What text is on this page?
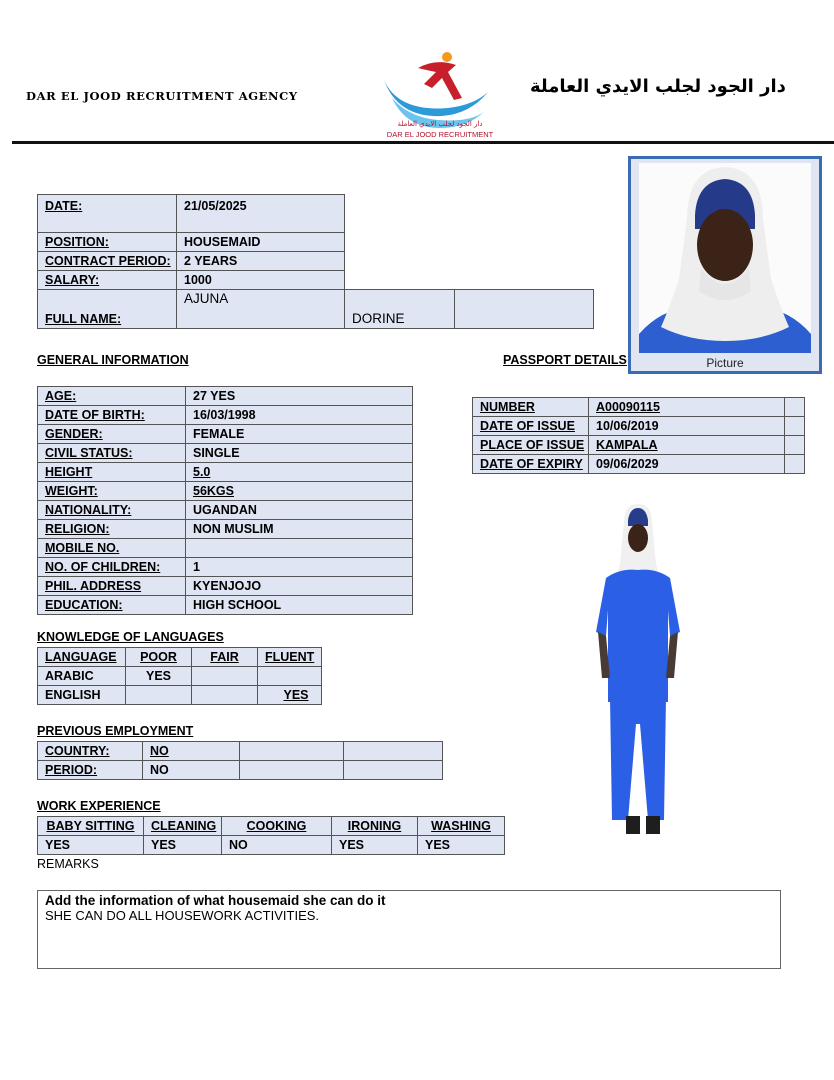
DAR EL JOOD RECRUITMENT AGENCY
دار الجود لجلب الايدي العاملة
DAR EL JOOD RECRUITMENT
دار الجود لجلب الايدي العاملة
DATE:	21/05/2025		
POSITION:	HOUSEMAID		
CONTRACT PERIOD:	2 YEARS		
SALARY:	1000		
FULL NAME:	AJUNA	DORINE	
Picture
GENERAL INFORMATION
AGE:	27 YES
DATE OF BIRTH:	16/03/1998
GENDER:	FEMALE
CIVIL STATUS:	SINGLE
HEIGHT	5.0
WEIGHT:	56KGS
NATIONALITY:	UGANDAN
RELIGION:	NON MUSLIM
MOBILE NO.	
NO. OF CHILDREN:	1
PHIL. ADDRESS	KYENJOJO
EDUCATION:	HIGH SCHOOL
PASSPORT DETAILS
NUMBER	A00090115	
DATE OF ISSUE	10/06/2019	
PLACE OF ISSUE	KAMPALA	
DATE OF EXPIRY	09/06/2029	
KNOWLEDGE OF LANGUAGES
LANGUAGE	POOR	FAIR	FLUENT
ARABIC	YES		
ENGLISH			YES
PREVIOUS EMPLOYMENT
COUNTRY:	NO		
PERIOD:	NO		
WORK EXPERIENCE
BABY SITTING	CLEANING	COOKING	IRONING	WASHING
YES	YES	NO	YES	YES
REMARKS
Add the information of what housemaid she can do it
SHE CAN DO ALL HOUSEWORK ACTIVITIES.
